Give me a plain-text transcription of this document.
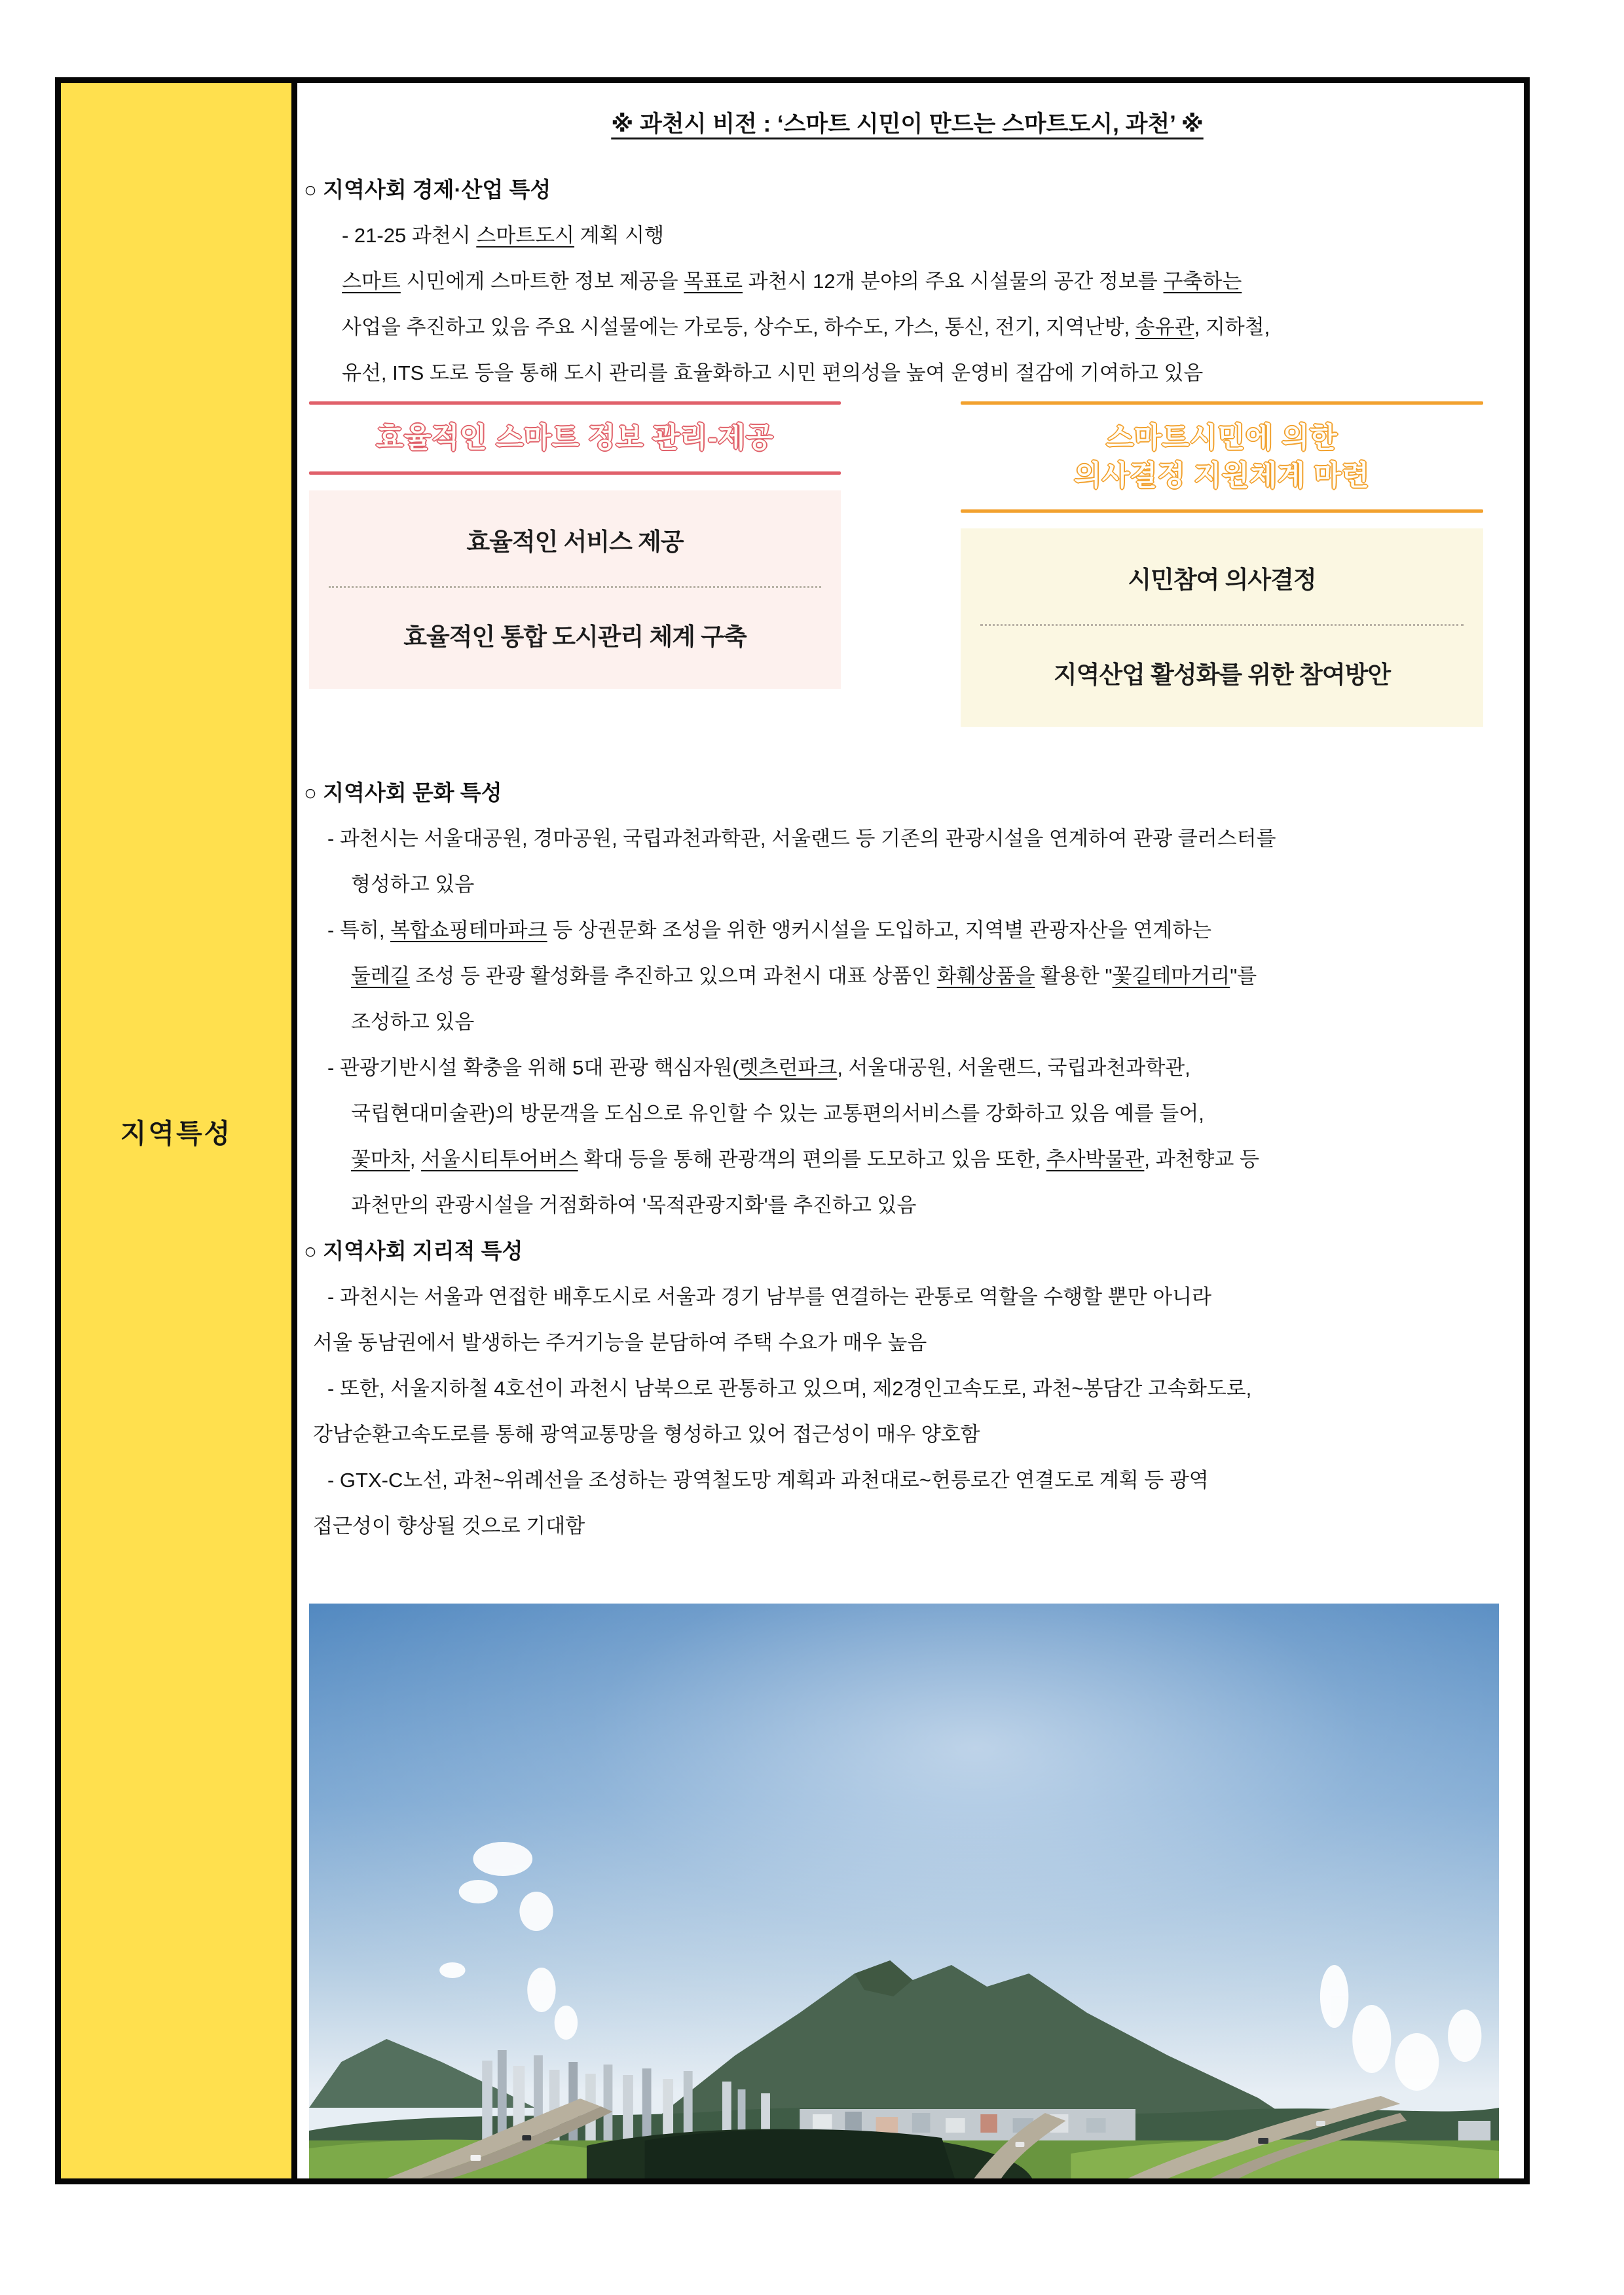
지역특성
※ 과천시 비전 : ‘스마트 시민이 만드는 스마트도시, 과천’ ※
○ 지역사회 경제·산업 특성
- 21-25 과천시 스마트도시 계획 시행
스마트 시민에게 스마트한 정보 제공을 목표로 과천시 12개 분야의 주요 시설물의 공간 정보를 구축하는
사업을 추진하고 있음 주요 시설물에는 가로등, 상수도, 하수도, 가스, 통신, 전기, 지역난방, 송유관, 지하철,
유선, ITS 도로 등을 통해 도시 관리를 효율화하고 시민 편의성을 높여 운영비 절감에 기여하고 있음
효율적인 스마트 정보 관리-제공
효율적인 서비스 제공
효율적인 통합 도시관리 체계 구축
스마트시민에 의한
의사결정 지원체계 마련
시민참여 의사결정
지역산업 활성화를 위한 참여방안
○ 지역사회 문화 특성
- 과천시는 서울대공원, 경마공원, 국립과천과학관, 서울랜드 등 기존의 관광시설을 연계하여 관광 클러스터를
형성하고 있음
- 특히, 복합쇼핑테마파크 등 상권문화 조성을 위한 앵커시설을 도입하고, 지역별 관광자산을 연계하는
둘레길 조성 등 관광 활성화를 추진하고 있으며 과천시 대표 상품인 화훼상품을 활용한 "꽃길테마거리"를
조성하고 있음
- 관광기반시설 확충을 위해 5대 관광 핵심자원(렛츠런파크, 서울대공원, 서울랜드, 국립과천과학관,
국립현대미술관)의 방문객을 도심으로 유인할 수 있는 교통편의서비스를 강화하고 있음 예를 들어,
꽃마차, 서울시티투어버스 확대 등을 통해 관광객의 편의를 도모하고 있음 또한, 추사박물관, 과천향교 등
과천만의 관광시설을 거점화하여 '목적관광지화'를 추진하고 있음
○ 지역사회 지리적 특성
- 과천시는 서울과 연접한 배후도시로 서울과 경기 남부를 연결하는 관통로 역할을 수행할 뿐만 아니라
서울 동남권에서 발생하는 주거기능을 분담하여 주택 수요가 매우 높음
- 또한, 서울지하철 4호선이 과천시 남북으로 관통하고 있으며, 제2경인고속도로, 과천~봉담간 고속화도로,
강남순환고속도로를 통해 광역교통망을 형성하고 있어 접근성이 매우 양호함
- GTX-C노선, 과천~위례선을 조성하는 광역철도망 계획과 과천대로~헌릉로간 연결도로 계획 등 광역
접근성이 향상될 것으로 기대함
